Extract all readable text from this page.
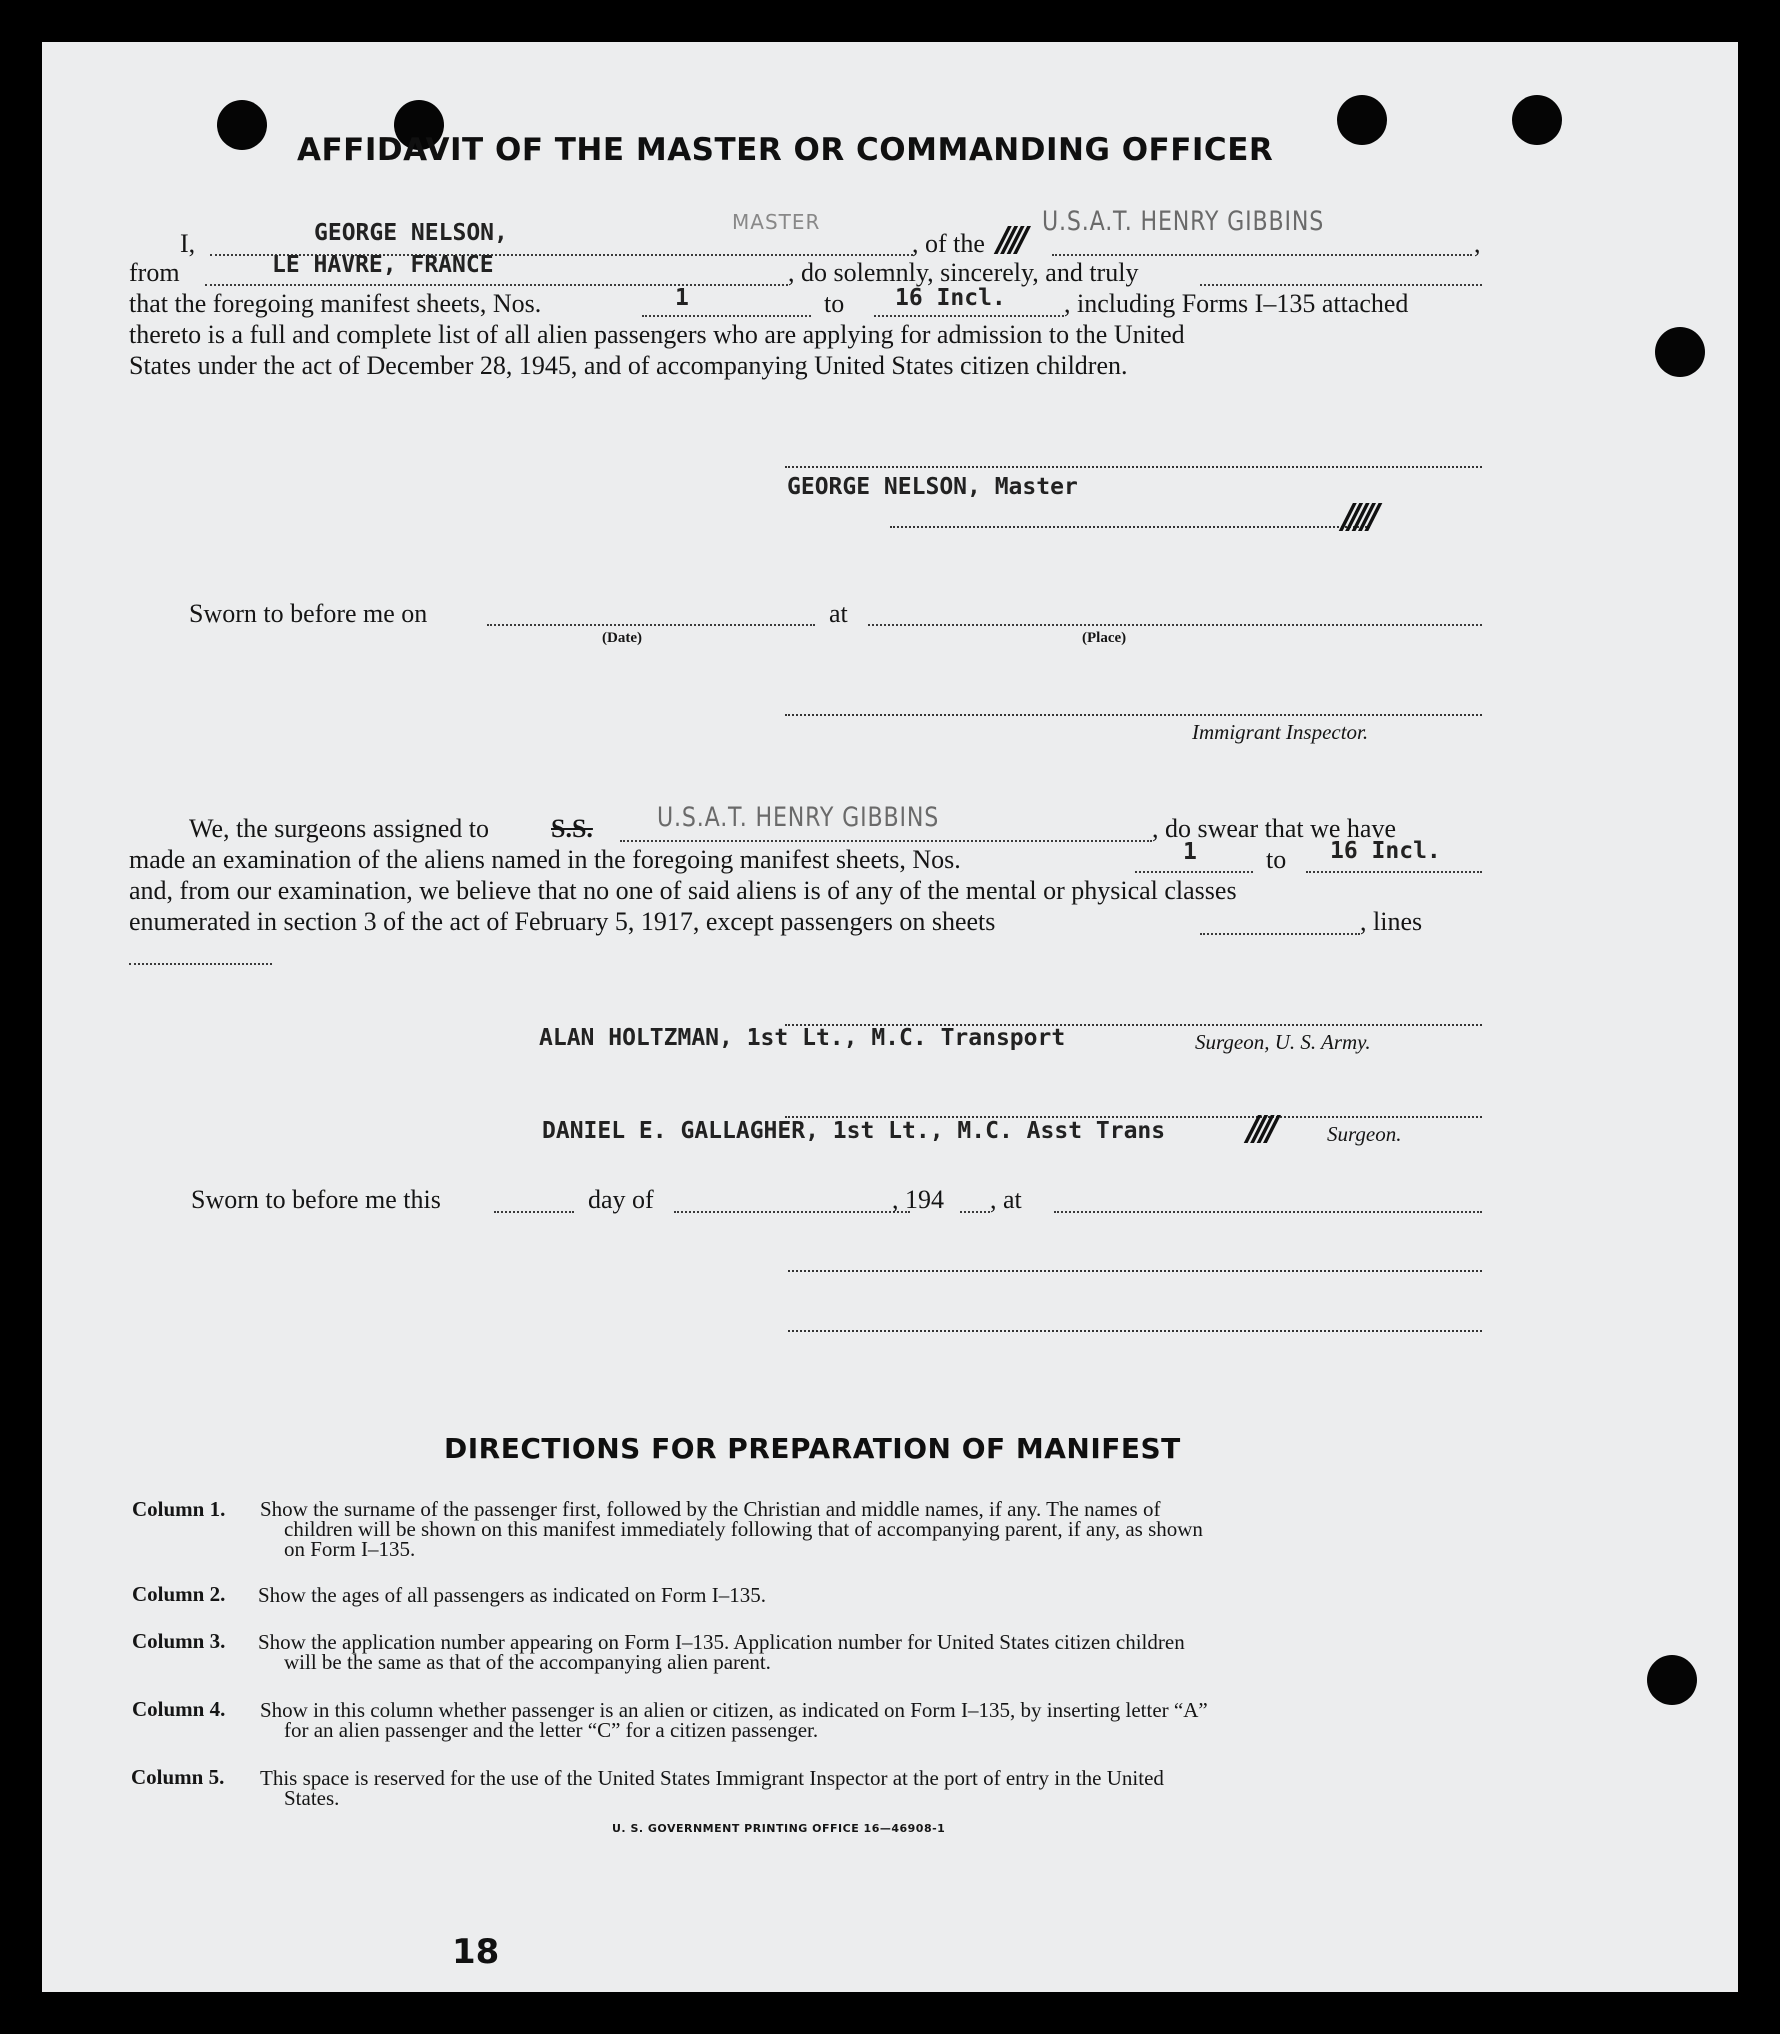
AFFIDAVIT OF THE MASTER OR COMMANDING OFFICER
I,	GEORGE NELSON,	MASTER
, of the //// U.S.A.T. HENRY GIBBINS
,
from	LE HAVRE, FRANCE	, do solemnly, sincerely, and truly
that the foregoing manifest sheets, Nos.	1	to 16 Incl. , including Forms I–135 attached
thereto is a full and complete list of all alien passengers who are applying for admission to the United
States under the act of December 28, 1945, and of accompanying United States citizen children.
GEORGE NELSON, Master
/////
Sworn to before me on
(Date)
at
(Place)
Immigrant Inspector.
We, the surgeons assigned to S.S. U.S.A.T. HENRY GIBBINS	, do swear that we have
made an examination of the aliens named in the foregoing manifest sheets, Nos.	1	to 16 Incl.
and, from our examination, we believe that no one of said aliens is of any of the mental or physical classes
enumerated in section 3 of the act of February 5, 1917, except passengers on sheets	, lines
ALAN HOLTZMAN, 1st Lt., M.C. Transport	Surgeon, U. S. Army.
DANIEL E. GALLAGHER, 1st Lt., M.C. Asst Trans ////	Surgeon.
Sworn to before me this	day of	, 194 , at
DIRECTIONS FOR PREPARATION OF MANIFEST
Column 1. Show the surname of the passenger first, followed by the Christian and middle names, if any. The names of
children will be shown on this manifest immediately following that of accompanying parent, if any, as shown
on Form I–135.
Column 2. Show the ages of all passengers as indicated on Form I–135.
Column 3. Show the application number appearing on Form I–135. Application number for United States citizen children
will be the same as that of the accompanying alien parent.
Column 4. Show in this column whether passenger is an alien or citizen, as indicated on Form I–135, by inserting letter “A”
for an alien passenger and the letter “C” for a citizen passenger.
Column 5. This space is reserved for the use of the United States Immigrant Inspector at the port of entry in the United
States.
U. S. GOVERNMENT PRINTING OFFICE 16—46908-1
18
